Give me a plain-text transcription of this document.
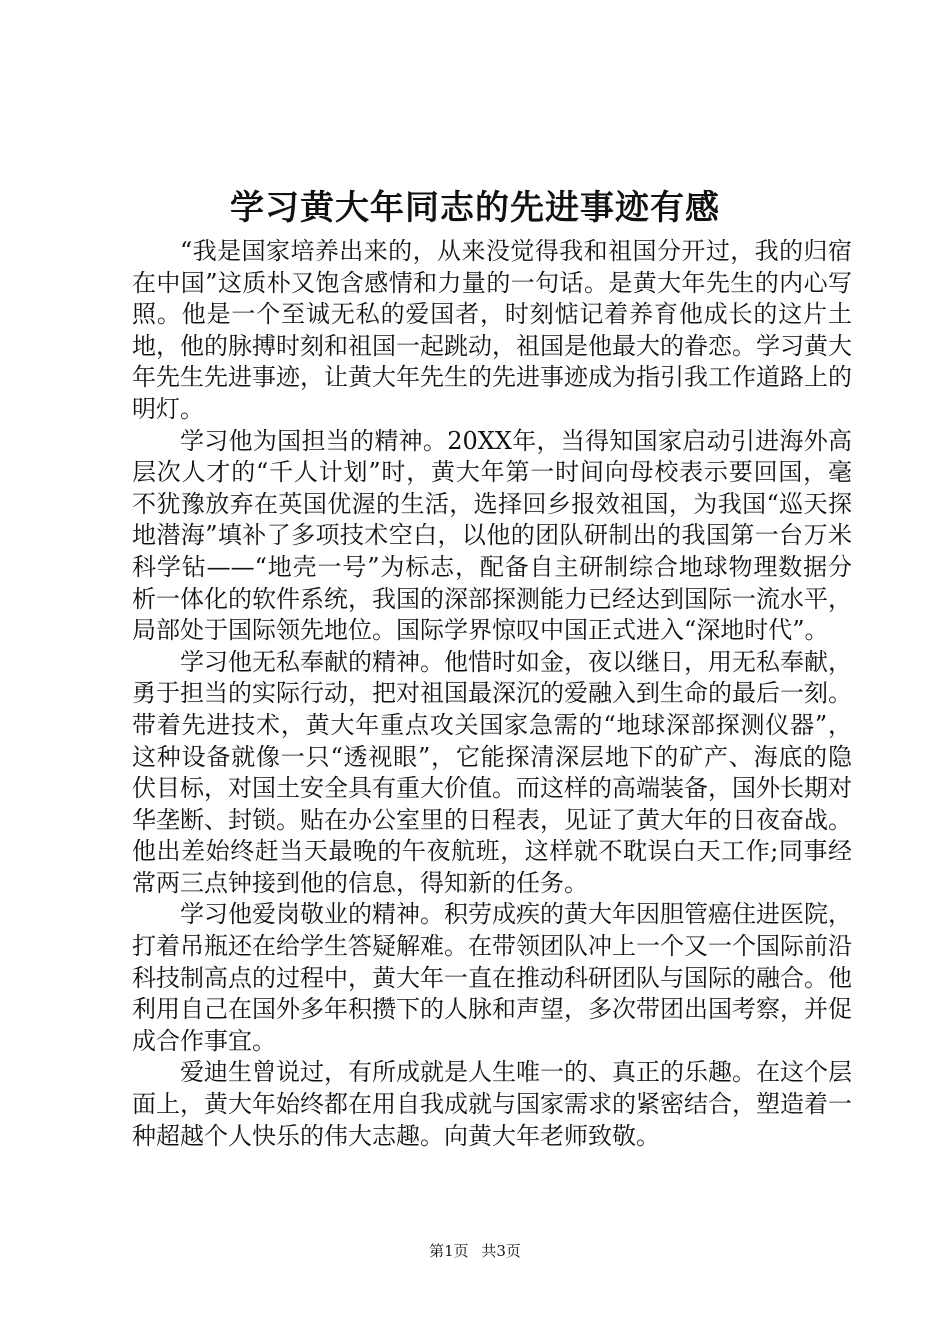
学习黄大年同志的先进事迹有感

“我是国家培养出来的，从来没觉得我和祖国分开过，我的归宿在中国”这质朴又饱含感情和力量的一句话。是黄大年先生的内心写照。他是一个至诚无私的爱国者，时刻惦记着养育他成长的这片土地，他的脉搏时刻和祖国一起跳动，祖国是他最大的眷恋。学习黄大年先生先进事迹，让黄大年先生的先进事迹成为指引我工作道路上的明灯。

学习他为国担当的精神。20XX年，当得知国家启动引进海外高层次人才的“千人计划”时，黄大年第一时间向母校表示要回国，毫不犹豫放弃在英国优渥的生活，选择回乡报效祖国，为我国“巡天探地潜海”填补了多项技术空白，以他的团队研制出的我国第一台万米科学钻——“地壳一号”为标志，配备自主研制综合地球物理数据分析一体化的软件系统，我国的深部探测能力已经达到国际一流水平，局部处于国际领先地位。国际学界惊叹中国正式进入“深地时代”。

学习他无私奉献的精神。他惜时如金，夜以继日，用无私奉献，勇于担当的实际行动，把对祖国最深沉的爱融入到生命的最后一刻。带着先进技术，黄大年重点攻关国家急需的“地球深部探测仪器”，这种设备就像一只“透视眼”，它能探清深层地下的矿产、海底的隐伏目标，对国土安全具有重大价值。而这样的高端装备，国外长期对华垄断、封锁。贴在办公室里的日程表，见证了黄大年的日夜奋战。他出差始终赶当天最晚的午夜航班，这样就不耽误白天工作;同事经常两三点钟接到他的信息，得知新的任务。

学习他爱岗敬业的精神。积劳成疾的黄大年因胆管癌住进医院，打着吊瓶还在给学生答疑解难。在带领团队冲上一个又一个国际前沿科技制高点的过程中，黄大年一直在推动科研团队与国际的融合。他利用自己在国外多年积攒下的人脉和声望，多次带团出国考察，并促成合作事宜。

爱迪生曾说过，有所成就是人生唯一的、真正的乐趣。在这个层面上，黄大年始终都在用自我成就与国家需求的紧密结合，塑造着一种超越个人快乐的伟大志趣。向黄大年老师致敬。

第1页 共3页
